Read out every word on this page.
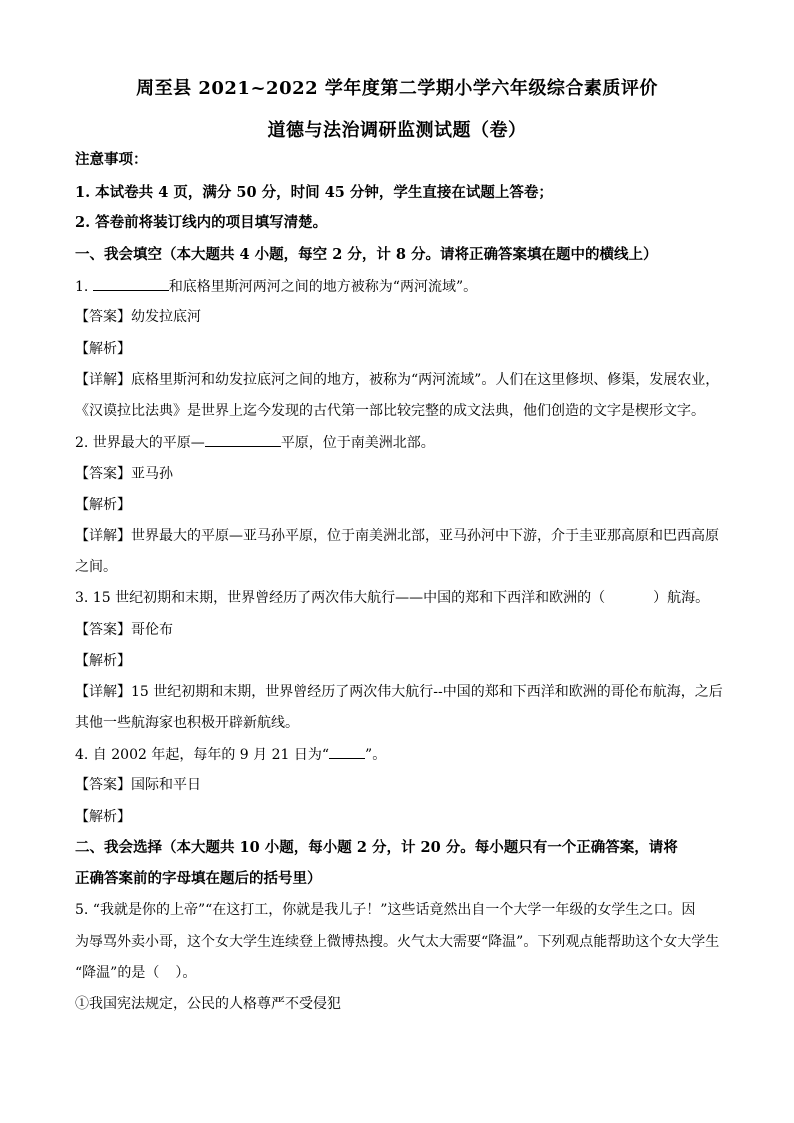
周至县 2021~2022 学年度第二学期小学六年级综合素质评价
道德与法治调研监测试题（卷）
注意事项：
1. 本试卷共 4 页，满分 50 分，时间 45 分钟，学生直接在试题上答卷；
2. 答卷前将装订线内的项目填写清楚。
一、我会填空（本大题共 4 小题，每空 2 分，计 8 分。请将正确答案填在题中的横线上）
1.	和底格里斯河两河之间的地方被称为“两河流域”。
【答案】幼发拉底河
【解析】
【详解】底格里斯河和幼发拉底河之间的地方，被称为“两河流域”。人们在这里修坝、修渠，发展农业，
《汉谟拉比法典》是世界上迄今发现的古代第一部比较完整的成文法典，他们创造的文字是楔形文字。
2. 世界最大的平原—	平原，位于南美洲北部。
【答案】亚马孙
【解析】
【详解】世界最大的平原—亚马孙平原，位于南美洲北部，亚马孙河中下游，介于圭亚那高原和巴西高原
之间。
3. 15 世纪初期和末期，世界曾经历了两次伟大航行——中国的郑和下西洋和欧洲的（	）航海。
【答案】哥伦布
【解析】
【详解】15 世纪初期和末期，世界曾经历了两次伟大航行--中国的郑和下西洋和欧洲的哥伦布航海，之后
其他一些航海家也积极开辟新航线。
4. 自 2002 年起，每年的 9 月 21 日为“	”。
【答案】国际和平日
【解析】
二、我会选择（本大题共 10 小题，每小题 2 分，计 20 分。每小题只有一个正确答案，请将
正确答案前的字母填在题后的括号里）
5. “我就是你的上帝”“在这打工，你就是我儿子！”这些话竟然出自一个大学一年级的女学生之口。因
为辱骂外卖小哥，这个女大学生连续登上微博热搜。火气太大需要“降温”。下列观点能帮助这个女大学生
“降温”的是（ ）。
①我国宪法规定，公民的人格尊严不受侵犯
